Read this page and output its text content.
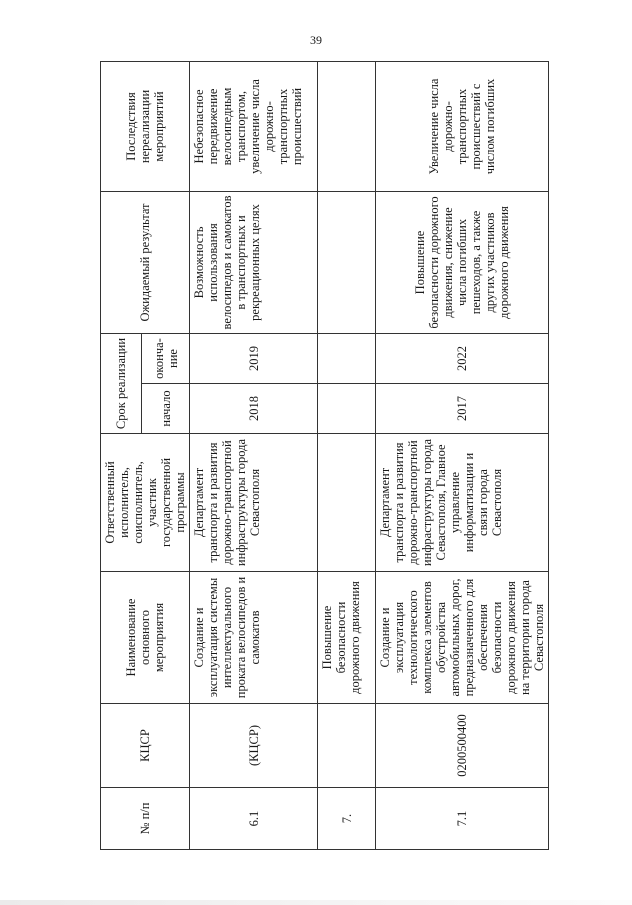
39
№ п/п	КЦСР	Наименование основного мероприятия	Ответственный исполнитель, соисполнитель, участник государственной программы	Срок реализации		Ожидаемый результат	Последствия нереализации мероприятий
				начало	оконча-ние		
6.1	(КЦСР)	Создание и эксплуатация системы интеллектуального проката велосипедов и самокатов	Департамент транспорта и развития дорожно-транспортной инфраструктуры города Севастополя	2018	2019	Возможность использования велосипедов и самокатов в транспортных и рекреационных целях	Небезопасное передвижение велосипедным транспортом, увеличение числа дорожно-транспортных происшествий
7.		Повышение безопасности дорожного движения					
7.1	0200500400	Создание и эксплуатация технологического комплекса элементов обустройства автомобильных дорог, предназначенного для обеспечения безопасности дорожного движения на территории города Севастополя	Департамент транспорта и развития дорожно-транспортной инфраструктуры города Севастополя, Главное управление информатизации и связи города Севастополя	2017	2022	Повышение безопасности дорожного движения, снижение числа погибших пешеходов, а также других участников дорожного движения	Увеличение числа дорожно-транспортных происшествий с числом погибших
